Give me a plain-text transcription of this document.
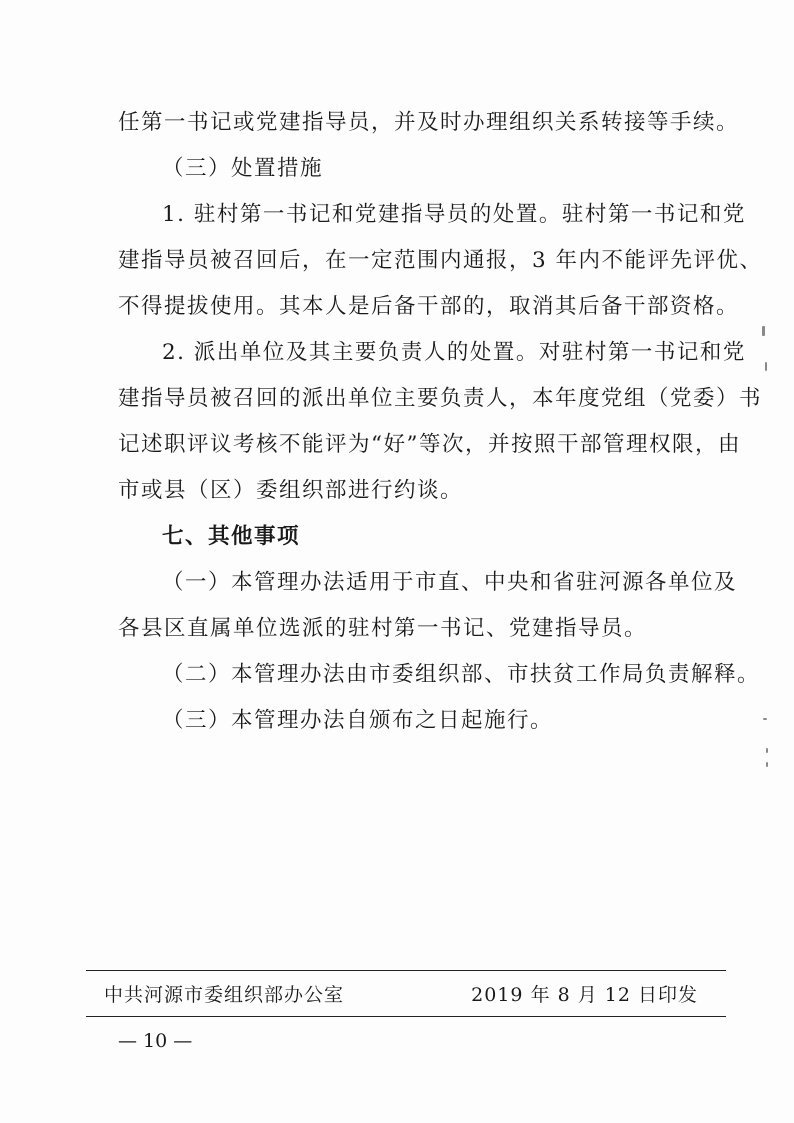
任第一书记或党建指导员，并及时办理组织关系转接等手续。
（三）处置措施
1. 驻村第一书记和党建指导员的处置。驻村第一书记和党
建指导员被召回后，在一定范围内通报，3 年内不能评先评优、
不得提拔使用。其本人是后备干部的，取消其后备干部资格。
2. 派出单位及其主要负责人的处置。对驻村第一书记和党
建指导员被召回的派出单位主要负责人，本年度党组（党委）书
记述职评议考核不能评为“好”等次，并按照干部管理权限，由
市或县（区）委组织部进行约谈。
七、其他事项
（一）本管理办法适用于市直、中央和省驻河源各单位及
各县区直属单位选派的驻村第一书记、党建指导员。
（二）本管理办法由市委组织部、市扶贫工作局负责解释。
（三）本管理办法自颁布之日起施行。
中共河源市委组织部办公室	2019 年 8 月 12 日印发
— 10 —
